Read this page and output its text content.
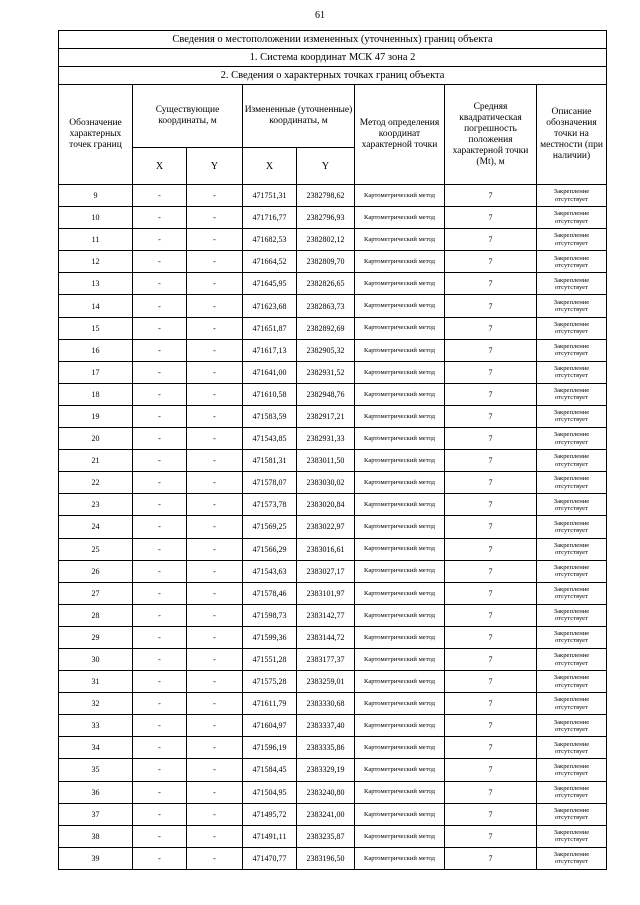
61
Сведения о местоположении измененных (уточненных) границ объекта							
1. Система координат МСК 47 зона 2							
2. Сведения о характерных точках границ объекта							
Обозначение характерных точек границ	Существующие координаты, м		Измененные (уточненные) координаты, м		Метод определения координат характерной точки	Средняя квадратическая погрешность положения характерной точки (Mt), м	Описание обозначения точки на местности (при наличии)
	X	Y	X	Y			
9	-	-	471751,31	2382798,62	Картометрический метод	7	Закрепление отсутствует
10	-	-	471716,77	2382796,93	Картометрический метод	7	Закрепление отсутствует
11	-	-	471682,53	2382802,12	Картометрический метод	7	Закрепление отсутствует
12	-	-	471664,52	2382809,70	Картометрический метод	7	Закрепление отсутствует
13	-	-	471645,95	2382826,65	Картометрический метод	7	Закрепление отсутствует
14	-	-	471623,68	2382863,73	Картометрический метод	7	Закрепление отсутствует
15	-	-	471651,87	2382892,69	Картометрический метод	7	Закрепление отсутствует
16	-	-	471617,13	2382905,32	Картометрический метод	7	Закрепление отсутствует
17	-	-	471641,00	2382931,52	Картометрический метод	7	Закрепление отсутствует
18	-	-	471610,58	2382948,76	Картометрический метод	7	Закрепление отсутствует
19	-	-	471583,59	2382917,21	Картометрический метод	7	Закрепление отсутствует
20	-	-	471543,85	2382931,33	Картометрический метод	7	Закрепление отсутствует
21	-	-	471581,31	2383011,50	Картометрический метод	7	Закрепление отсутствует
22	-	-	471578,07	2383030,02	Картометрический метод	7	Закрепление отсутствует
23	-	-	471573,78	2383020,84	Картометрический метод	7	Закрепление отсутствует
24	-	-	471569,25	2383022,97	Картометрический метод	7	Закрепление отсутствует
25	-	-	471566,29	2383016,61	Картометрический метод	7	Закрепление отсутствует
26	-	-	471543,63	2383027,17	Картометрический метод	7	Закрепление отсутствует
27	-	-	471578,46	2383101,97	Картометрический метод	7	Закрепление отсутствует
28	-	-	471598,73	2383142,77	Картометрический метод	7	Закрепление отсутствует
29	-	-	471599,36	2383144,72	Картометрический метод	7	Закрепление отсутствует
30	-	-	471551,28	2383177,37	Картометрический метод	7	Закрепление отсутствует
31	-	-	471575,28	2383259,01	Картометрический метод	7	Закрепление отсутствует
32	-	-	471611,79	2383330,68	Картометрический метод	7	Закрепление отсутствует
33	-	-	471604,97	2383337,40	Картометрический метод	7	Закрепление отсутствует
34	-	-	471596,19	2383335,86	Картометрический метод	7	Закрепление отсутствует
35	-	-	471584,45	2383329,19	Картометрический метод	7	Закрепление отсутствует
36	-	-	471504,95	2383240,80	Картометрический метод	7	Закрепление отсутствует
37	-	-	471495,72	2383241,00	Картометрический метод	7	Закрепление отсутствует
38	-	-	471491,11	2383235,87	Картометрический метод	7	Закрепление отсутствует
39	-	-	471470,77	2383196,50	Картометрический метод	7	Закрепление отсутствует
